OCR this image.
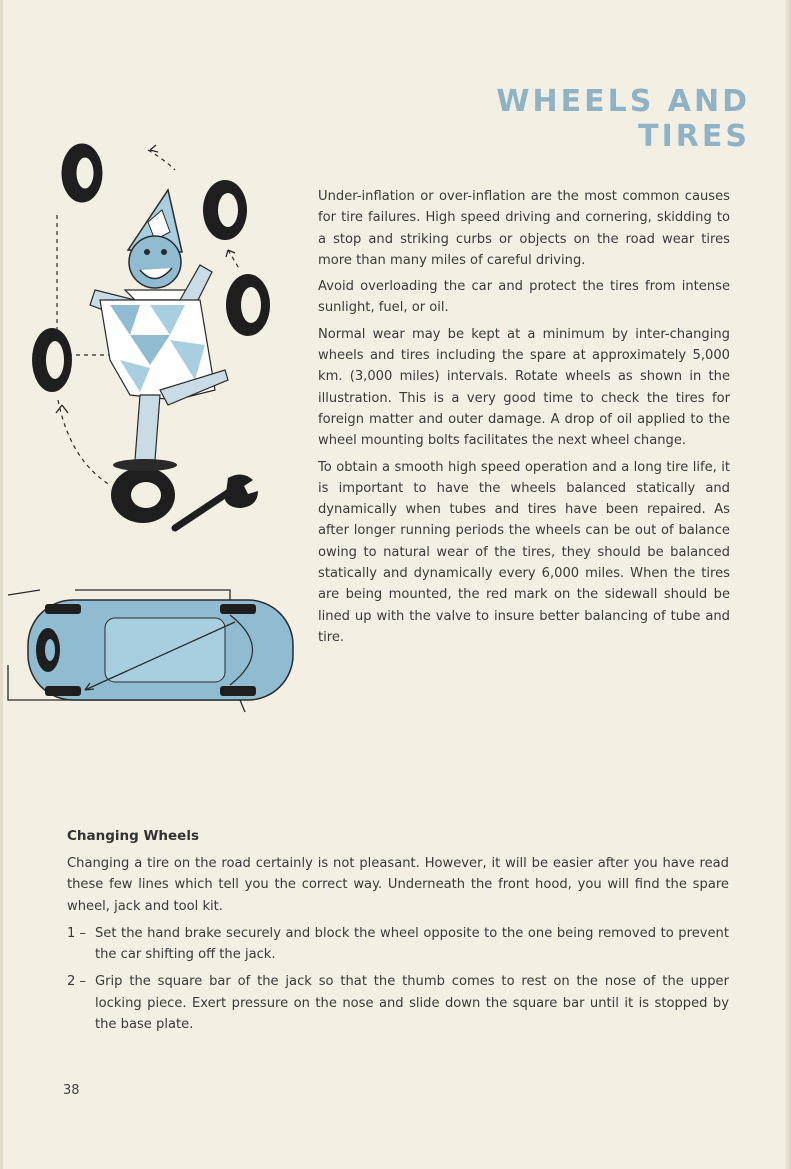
WHEELS AND TIRES

Under-inflation or over-inflation are the most common causes for tire failures. High speed driving and cornering, skidding to a stop and striking curbs or objects on the road wear tires more than many miles of careful driving.

Avoid overloading the car and protect the tires from intense sunlight, fuel, or oil.

Normal wear may be kept at a minimum by inter-changing wheels and tires including the spare at approximately 5,000 km. (3,000 miles) intervals. Rotate wheels as shown in the illustration. This is a very good time to check the tires for foreign matter and outer damage. A drop of oil applied to the wheel mounting bolts facilitates the next wheel change.

To obtain a smooth high speed operation and a long tire life, it is important to have the wheels balanced statically and dynamically when tubes and tires have been repaired. As after longer running periods the wheels can be out of balance owing to natural wear of the tires, they should be balanced statically and dynamically every 6,000 miles. When the tires are being mounted, the red mark on the sidewall should be lined up with the valve to insure better balancing of tube and tire.

Changing Wheels

Changing a tire on the road certainly is not pleasant. However, it will be easier after you have read these few lines which tell you the correct way. Underneath the front hood, you will find the spare wheel, jack and tool kit.

1 – Set the hand brake securely and block the wheel opposite to the one being removed to prevent the car shifting off the jack.
2 – Grip the square bar of the jack so that the thumb comes to rest on the nose of the upper locking piece. Exert pressure on the nose and slide down the square bar until it is stopped by the base plate.
38
